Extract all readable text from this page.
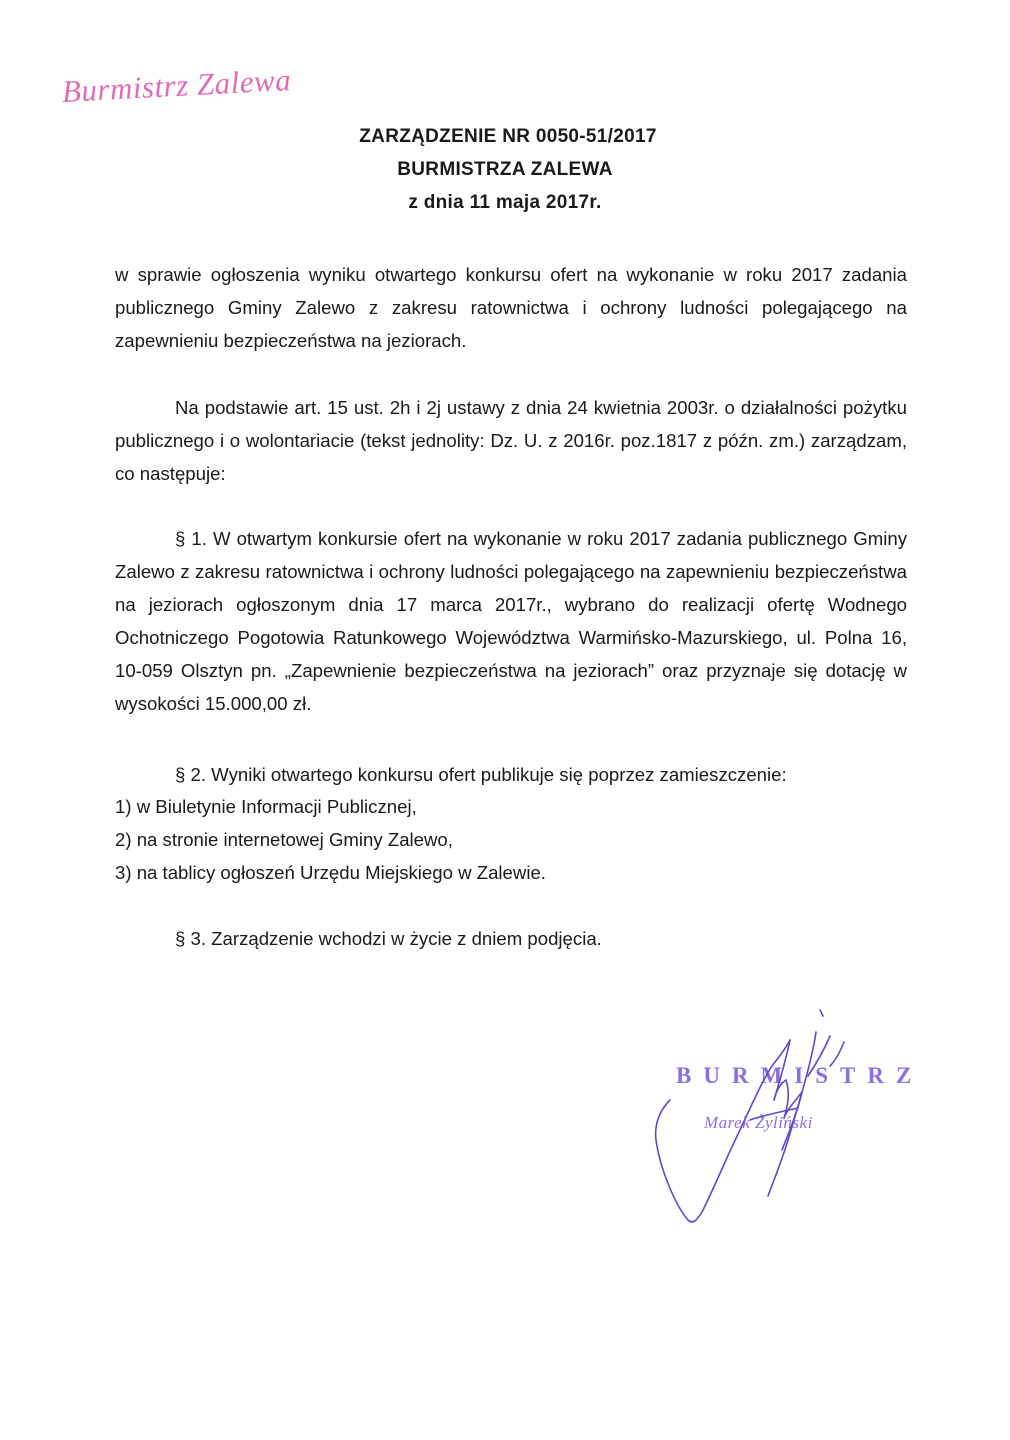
Burmistrz Zalewa
ZARZĄDZENIE NR 0050-51/2017
BURMISTRZA ZALEWA
z dnia 11 maja 2017r.
w sprawie ogłoszenia wyniku otwartego konkursu ofert na wykonanie w roku 2017 zadania publicznego Gminy Zalewo z zakresu ratownictwa i ochrony ludności polegającego na zapewnieniu bezpieczeństwa na jeziorach.
Na podstawie art. 15 ust. 2h i 2j ustawy z dnia 24 kwietnia 2003r. o działalności pożytku publicznego i o wolontariacie (tekst jednolity: Dz. U. z 2016r. poz.1817 z późn. zm.) zarządzam, co następuje:
§ 1. W otwartym konkursie ofert na wykonanie w roku 2017 zadania publicznego Gminy Zalewo z zakresu ratownictwa i ochrony ludności polegającego na zapewnieniu bezpieczeństwa na jeziorach ogłoszonym dnia 17 marca 2017r., wybrano do realizacji ofertę Wodnego Ochotniczego Pogotowia Ratunkowego Województwa Warmińsko-Mazurskiego, ul. Polna 16, 10-059 Olsztyn pn. „Zapewnienie bezpieczeństwa na jeziorach” oraz przyznaje się dotację w wysokości 15.000,00 zł.
§ 2. Wyniki otwartego konkursu ofert publikuje się poprzez zamieszczenie:
1) w Biuletynie Informacji Publicznej,
2) na stronie internetowej Gminy Zalewo,
3) na tablicy ogłoszeń Urzędu Miejskiego w Zalewie.
§ 3. Zarządzenie wchodzi w życie z dniem podjęcia.
BURMISTRZ
Marek Żyliński
